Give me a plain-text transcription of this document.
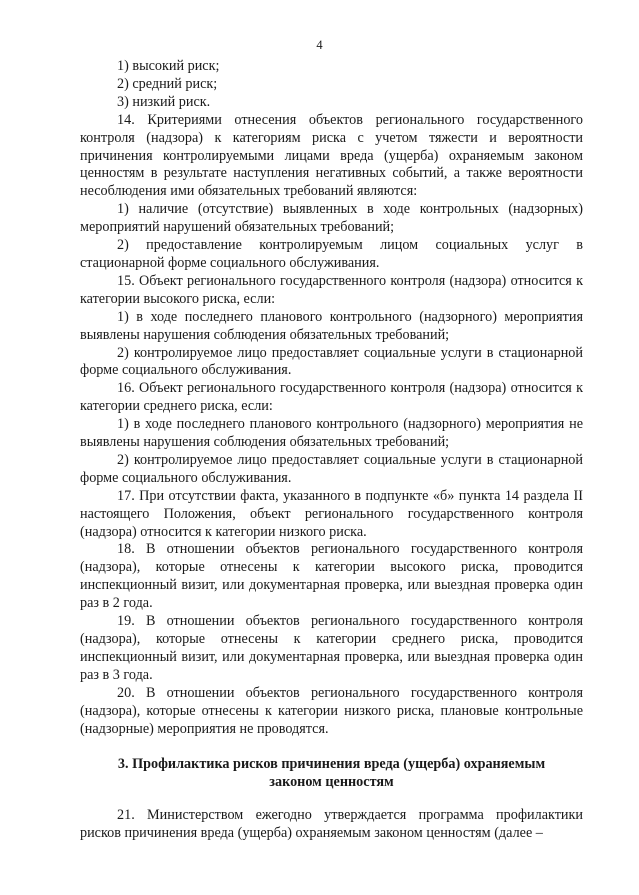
4

1) высокий риск;

2) средний риск;

3) низкий риск.

14. Критериями отнесения объектов регионального государственного контроля (надзора) к категориям риска с учетом тяжести и вероятности причинения контролируемыми лицами вреда (ущерба) охраняемым законом ценностям в результате наступления негативных событий, а также вероятности несоблюдения ими обязательных требований являются:

1) наличие (отсутствие) выявленных в ходе контрольных (надзорных) мероприятий нарушений обязательных требований;

2) предоставление контролируемым лицом социальных услуг в стационарной форме социального обслуживания.

15. Объект регионального государственного контроля (надзора) относится к категории высокого риска, если:

1) в ходе последнего планового контрольного (надзорного) мероприятия выявлены нарушения соблюдения обязательных требований;

2) контролируемое лицо предоставляет социальные услуги в стационарной форме социального обслуживания.

16. Объект регионального государственного контроля (надзора) относится к категории среднего риска, если:

1) в ходе последнего планового контрольного (надзорного) мероприятия не выявлены нарушения соблюдения обязательных требований;

2) контролируемое лицо предоставляет социальные услуги в стационарной форме социального обслуживания.

17. При отсутствии факта, указанного в подпункте «б» пункта 14 раздела II настоящего Положения, объект регионального государственного контроля (надзора) относится к категории низкого риска.

18. В отношении объектов регионального государственного контроля (надзора), которые отнесены к категории высокого риска, проводится инспекционный визит, или документарная проверка, или выездная проверка один раз в 2 года.

19. В отношении объектов регионального государственного контроля (надзора), которые отнесены к категории среднего риска, проводится инспекционный визит, или документарная проверка, или выездная проверка один раз в 3 года.

20. В отношении объектов регионального государственного контроля (надзора), которые отнесены к категории низкого риска, плановые контрольные (надзорные) мероприятия не проводятся.

3. Профилактика рисков причинения вреда (ущерба) охраняемым законом ценностям

21. Министерством ежегодно утверждается программа профилактики рисков причинения вреда (ущерба) охраняемым законом ценностям (далее –
